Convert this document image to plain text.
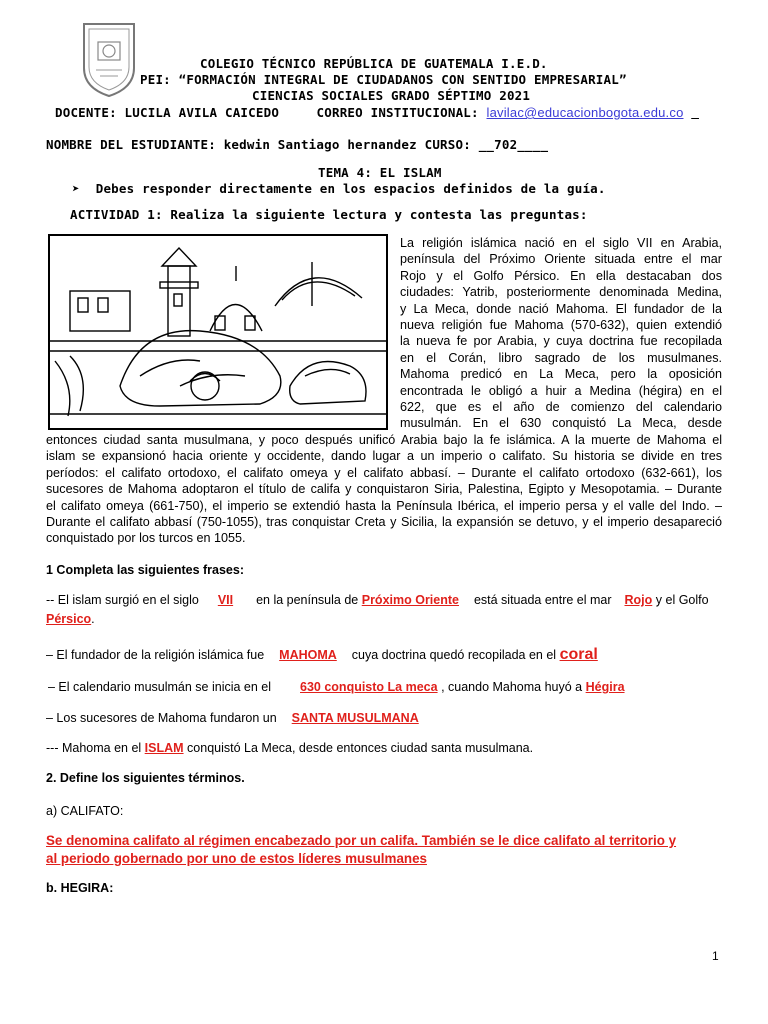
COLEGIO TÉCNICO REPÚBLICA DE GUATEMALA I.E.D.
PEI: “FORMACIÓN INTEGRAL DE CIUDADANOS CON SENTIDO EMPRESARIAL”
CIENCIAS SOCIALES GRADO SÉPTIMO 2021
DOCENTE: LUCILA AVILA CAICEDO	CORREO INSTITUCIONAL: lavilac@educacionbogota.edu.co
NOMBRE DEL ESTUDIANTE: kedwin Santiago hernandez CURSO: __702____
TEMA 4: EL ISLAM
➤ Debes responder directamente en los espacios definidos de la guía.
ACTIVIDAD 1: Realiza la siguiente lectura y contesta las preguntas:
La religión islámica nació en el siglo VII en Arabia,
península del Próximo Oriente situada entre el mar
Rojo y el Golfo Pérsico. En ella destacaban dos
ciudades: Yatrib, posteriormente denominada Medina,
y La Meca, donde nació Mahoma. El fundador de la
nueva religión fue Mahoma (570-632), quien extendió
la nueva fe por Arabia, y cuya doctrina fue recopilada
en el Corán, libro sagrado de los musulmanes.
Mahoma predicó en La Meca, pero la oposición
encontrada le obligó a huir a Medina (hégira) en el
622, que es el año de comienzo del calendario
musulmán. En el 630 conquistó La Meca, desde
entonces ciudad santa musulmana, y poco después unificó Arabia bajo la fe islámica. A la muerte de Mahoma el
islam se expansionó hacia oriente y occidente, dando lugar a un imperio o califato. Su historia se divide en tres
períodos: el califato ortodoxo, el califato omeya y el califato abbasí. – Durante el califato ortodoxo (632-661), los
sucesores de Mahoma adoptaron el título de califa y conquistaron Siria, Palestina, Egipto y Mesopotamia. – Durante
el califato omeya (661-750), el imperio se extendió hasta la Península Ibérica, el imperio persa y el valle del Indo. –
Durante el califato abbasí (750-1055), tras conquistar Creta y Sicilia, la expansión se detuvo, y el imperio desapareció
conquistado por los turcos en 1055.
1 Completa las siguientes frases:
-- El islam surgió en el siglo VII en la península de Próximo Oriente está situada entre el mar Rojo y el Golfo
Pérsico.
– El fundador de la religión islámica fue MAHOMA cuya doctrina quedó recopilada en el coral
– El calendario musulmán se inicia en el 630 conquisto La meca , cuando Mahoma huyó a Hégira
– Los sucesores de Mahoma fundaron un SANTA MUSULMANA
--- Mahoma en el ISLAM conquistó La Meca, desde entonces ciudad santa musulmana.
2. Define los siguientes términos.
a) CALIFATO:
Se denomina califato al régimen encabezado por un califa. También se le dice califato al territorio y
al periodo gobernado por uno de estos líderes musulmanes
b. HEGIRA:
1
